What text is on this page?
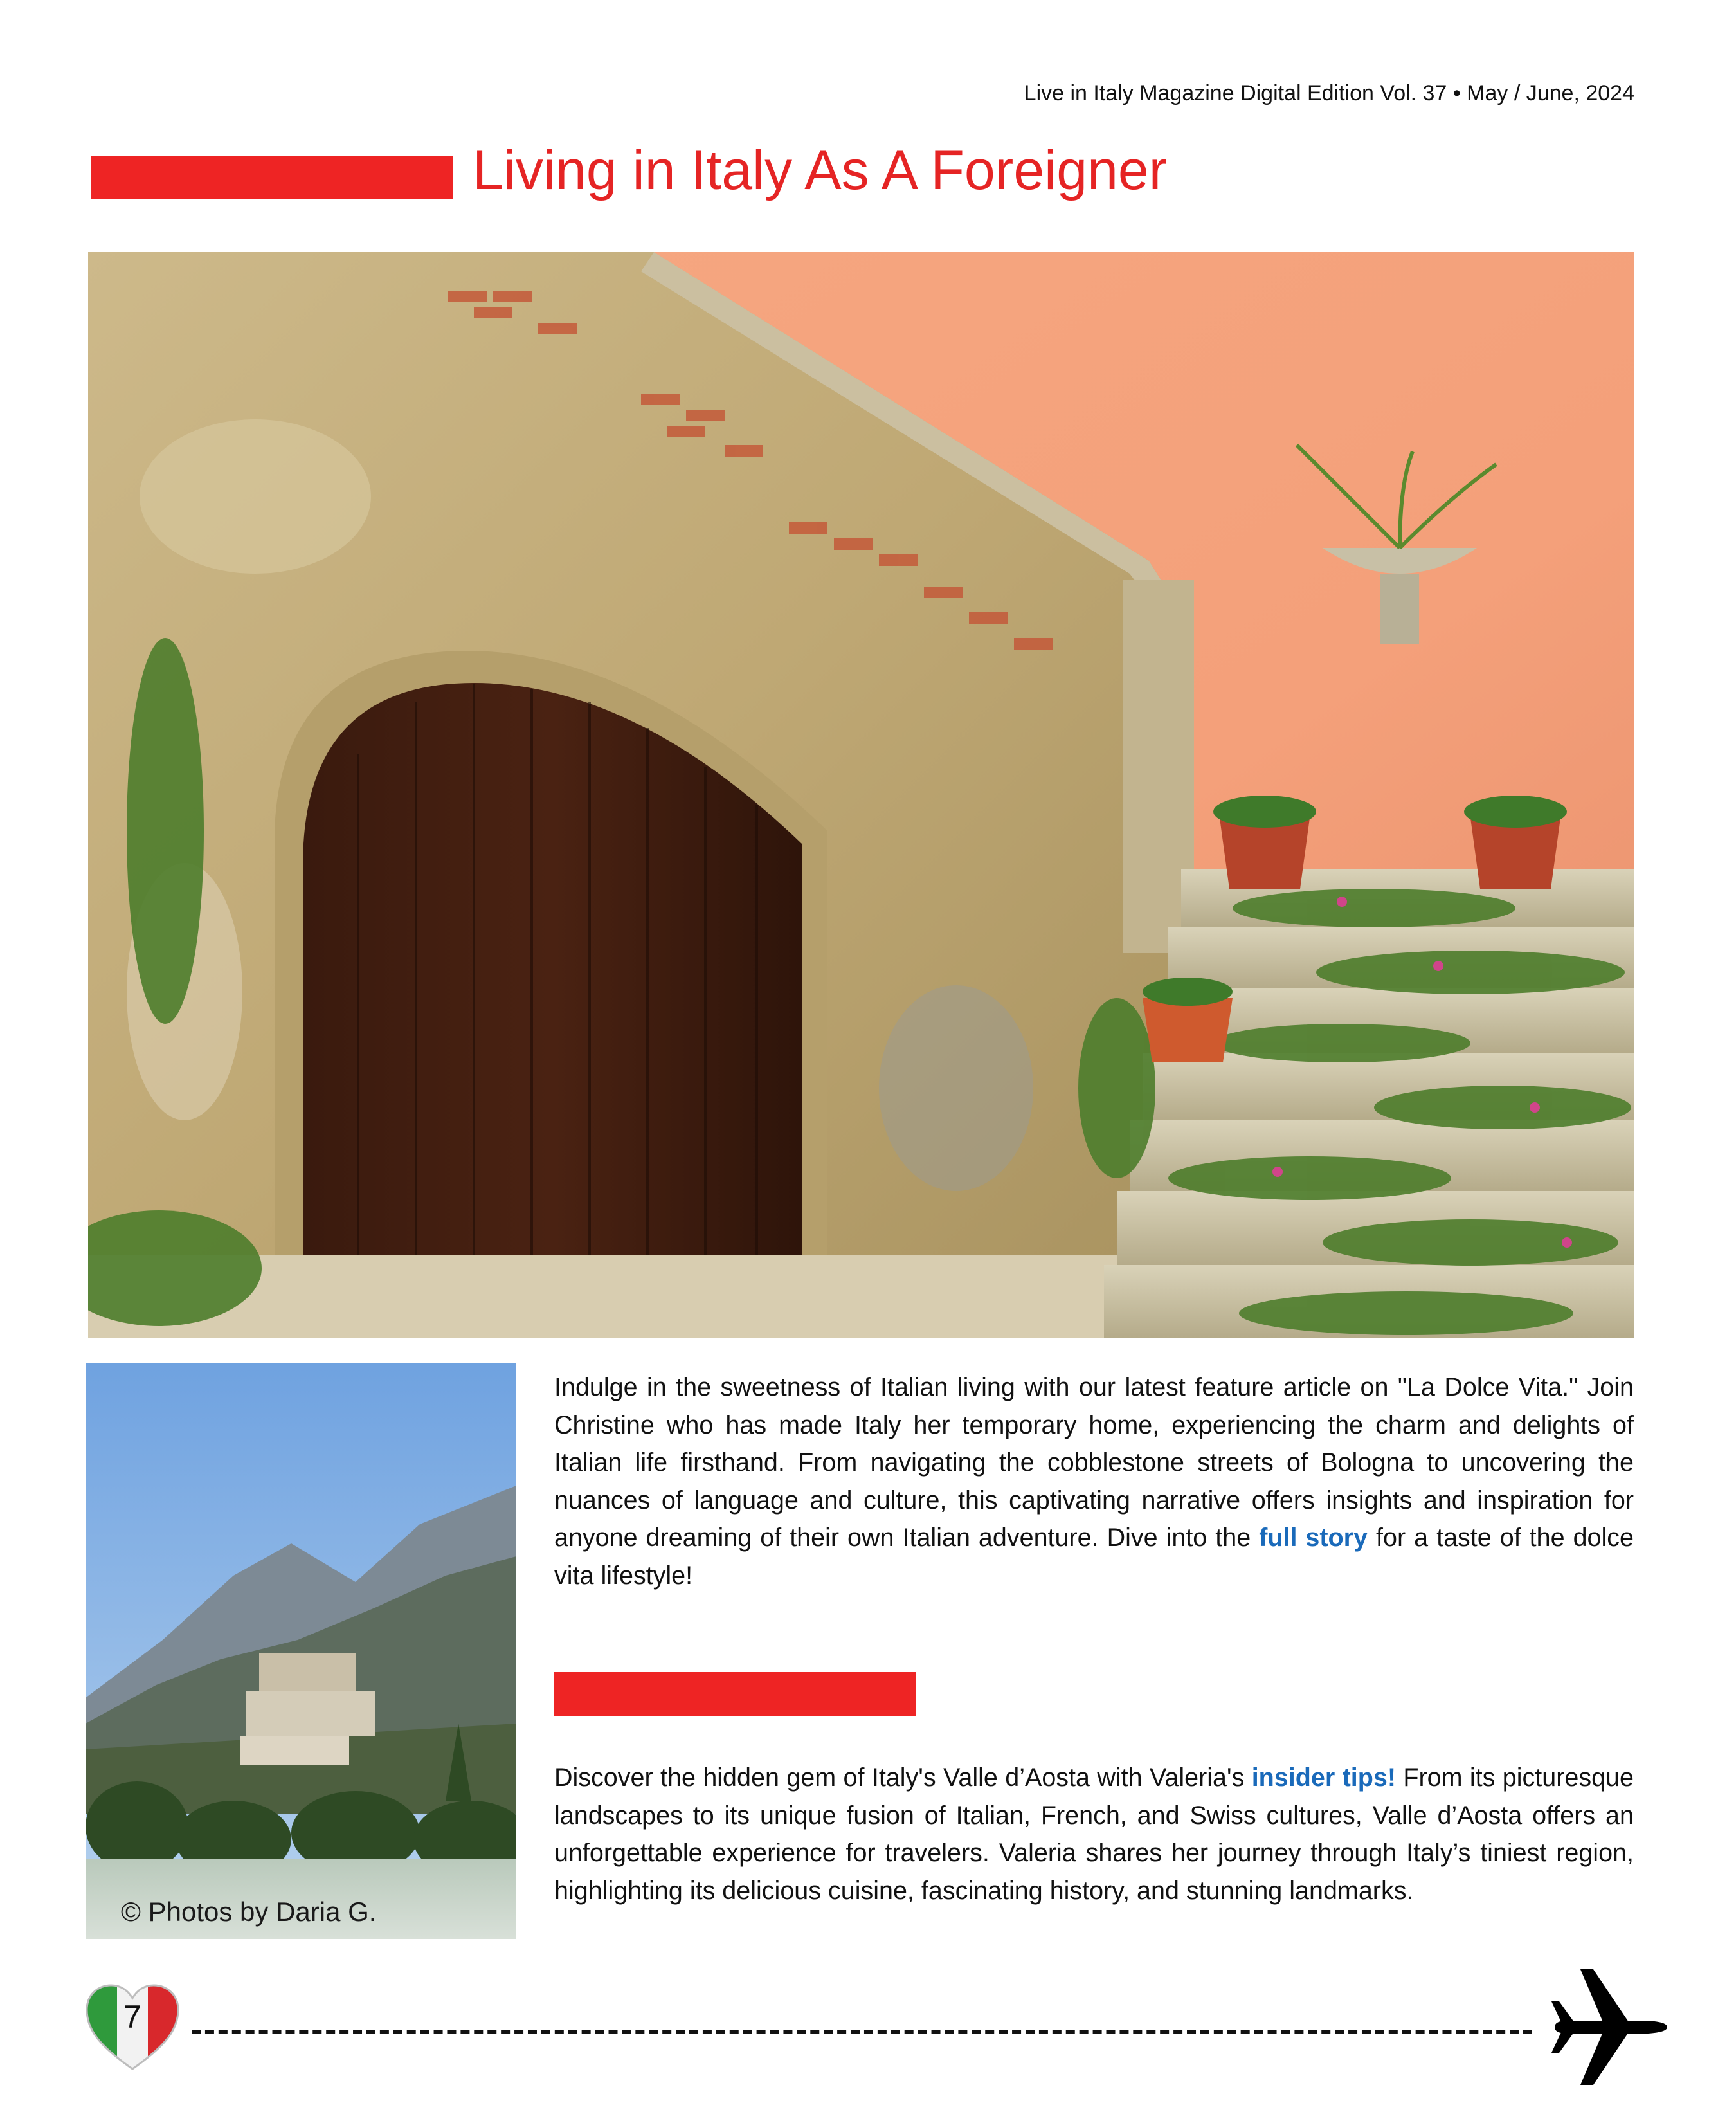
Live in Italy Magazine Digital Edition Vol. 37 • May / June, 2024
Living in Italy As A Foreigner
© Photos by Daria G.

Indulge in the sweetness of Italian living with our latest feature article on "La Dolce Vita." Join Christine who has made Italy her temporary home, experiencing the charm and delights of Italian life firsthand. From navigating the cobblestone streets of Bologna to uncovering the nuances of language and culture, this captivating narrative offers insights and inspiration for anyone dreaming of their own Italian adventure. Dive into the full story for a taste of the dolce vita lifestyle!

Discover the hidden gem of Italy's Valle d’Aosta with Valeria's insider tips! From its picturesque landscapes to its unique fusion of Italian, French, and Swiss cultures, Valle d’Aosta offers an unforgettable experience for travelers. Valeria shares her journey through Italy’s tiniest region, highlighting its delicious cuisine, fascinating history, and stunning landmarks.

7
